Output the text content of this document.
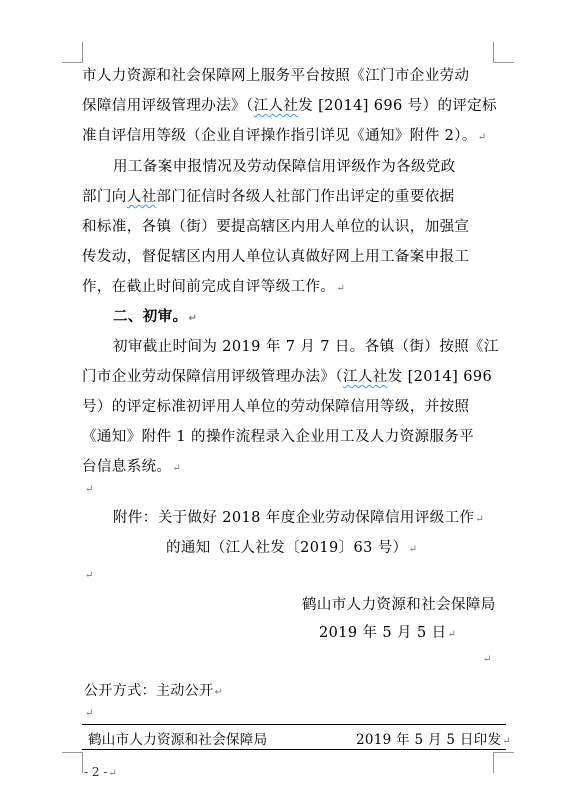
市人力资源和社会保障网上服务平台按照《江门市企业劳动
保障信用评级管理办法》（江人社发 [2014] 696 号）的评定标
准自评信用等级（企业自评操作指引详见《通知》附件 2）。↵
用工备案申报情况及劳动保障信用评级作为各级党政
部门向人社部门征信时各级人社部门作出评定的重要依据
和标准，各镇（街）要提高辖区内用人单位的认识，加强宣
传发动，督促辖区内用人单位认真做好网上用工备案申报工
作，在截止时间前完成自评等级工作。↵
二、初审。↵
初审截止时间为 2019 年 7 月 7 日。各镇（街）按照《江
门市企业劳动保障信用评级管理办法》（江人社发 [2014] 696
号）的评定标准初评用人单位的劳动保障信用等级，并按照
《通知》附件 1 的操作流程录入企业用工及人力资源服务平
台信息系统。↵
↵
附件：关于做好 2018 年度企业劳动保障信用评级工作↵
的通知（江人社发〔2019〕63 号）↵
↵
鹤山市人力资源和社会保障局
2019 年 5 月 5 日↵
↵
公开方式：主动公开↵
↵
鹤山市人力资源和社会保障局	2019 年 5 月 5 日印发↵
- 2 -↵
